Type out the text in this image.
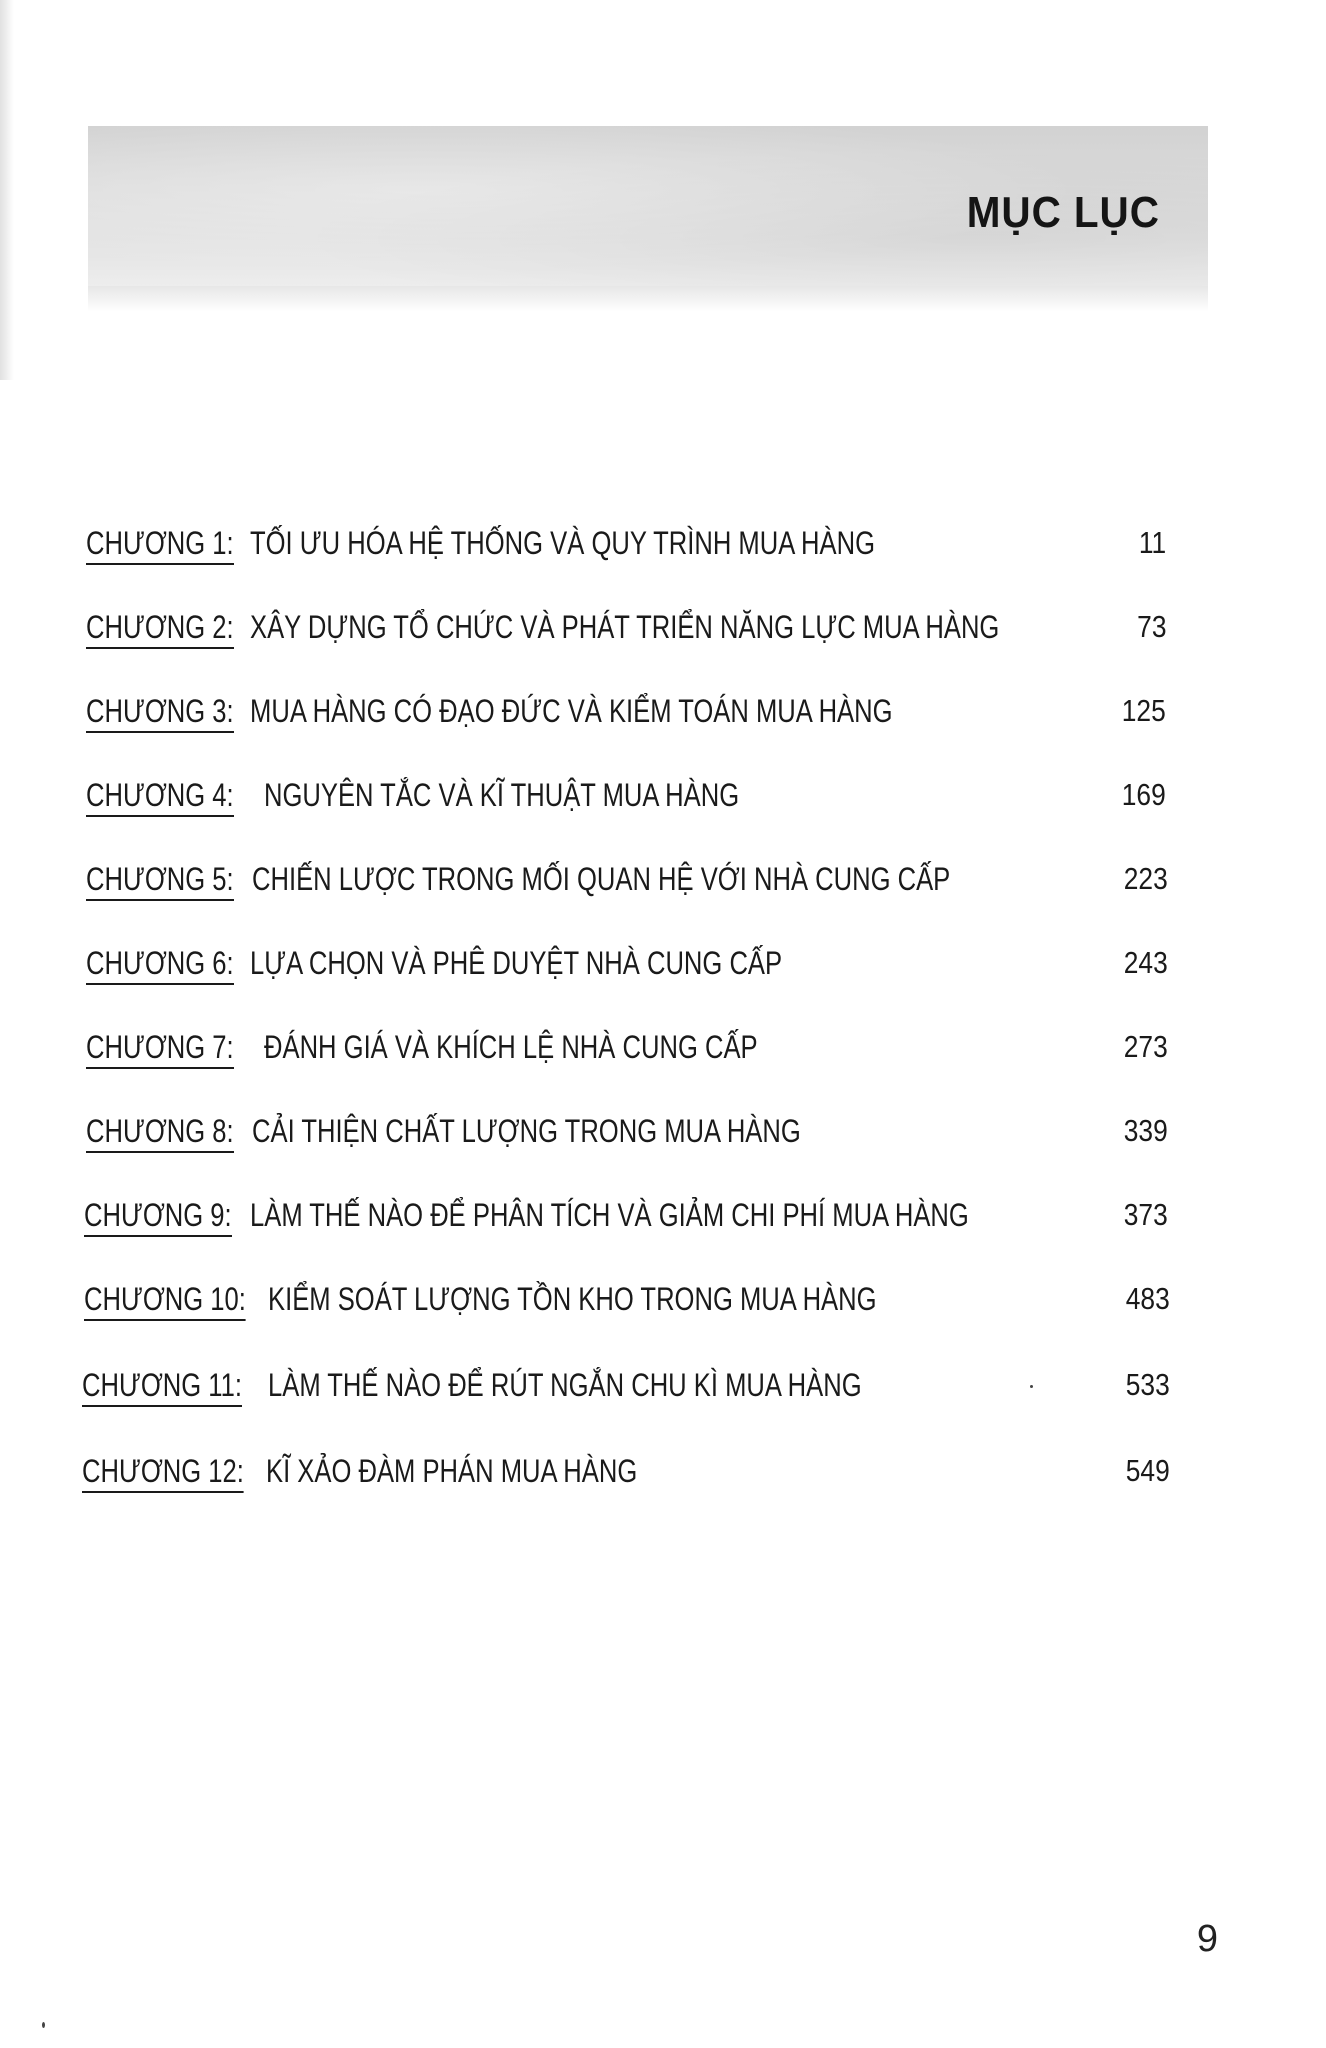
MỤC LỤC
CHƯƠNG 1: TỐI ƯU HÓA HỆ THỐNG VÀ QUY TRÌNH MUA HÀNG	11
CHƯƠNG 2: XÂY DỰNG TỔ CHỨC VÀ PHÁT TRIỂN NĂNG LỰC MUA HÀNG	73
CHƯƠNG 3: MUA HÀNG CÓ ĐẠO ĐỨC VÀ KIỂM TOÁN MUA HÀNG	125
CHƯƠNG 4: NGUYÊN TẮC VÀ KĨ THUẬT MUA HÀNG	169
CHƯƠNG 5: CHIẾN LƯỢC TRONG MỐI QUAN HỆ VỚI NHÀ CUNG CẤP	223
CHƯƠNG 6: LỰA CHỌN VÀ PHÊ DUYỆT NHÀ CUNG CẤP	243
CHƯƠNG 7: ĐÁNH GIÁ VÀ KHÍCH LỆ NHÀ CUNG CẤP	273
CHƯƠNG 8: CẢI THIỆN CHẤT LƯỢNG TRONG MUA HÀNG	339
CHƯƠNG 9: LÀM THẾ NÀO ĐỂ PHÂN TÍCH VÀ GIẢM CHI PHÍ MUA HÀNG	373
CHƯƠNG 10: KIỂM SOÁT LƯỢNG TỒN KHO TRONG MUA HÀNG	483
CHƯƠNG 11: LÀM THẾ NÀO ĐỂ RÚT NGẮN CHU KÌ MUA HÀNG	533
CHƯƠNG 12: KĨ XẢO ĐÀM PHÁN MUA HÀNG	549
9
